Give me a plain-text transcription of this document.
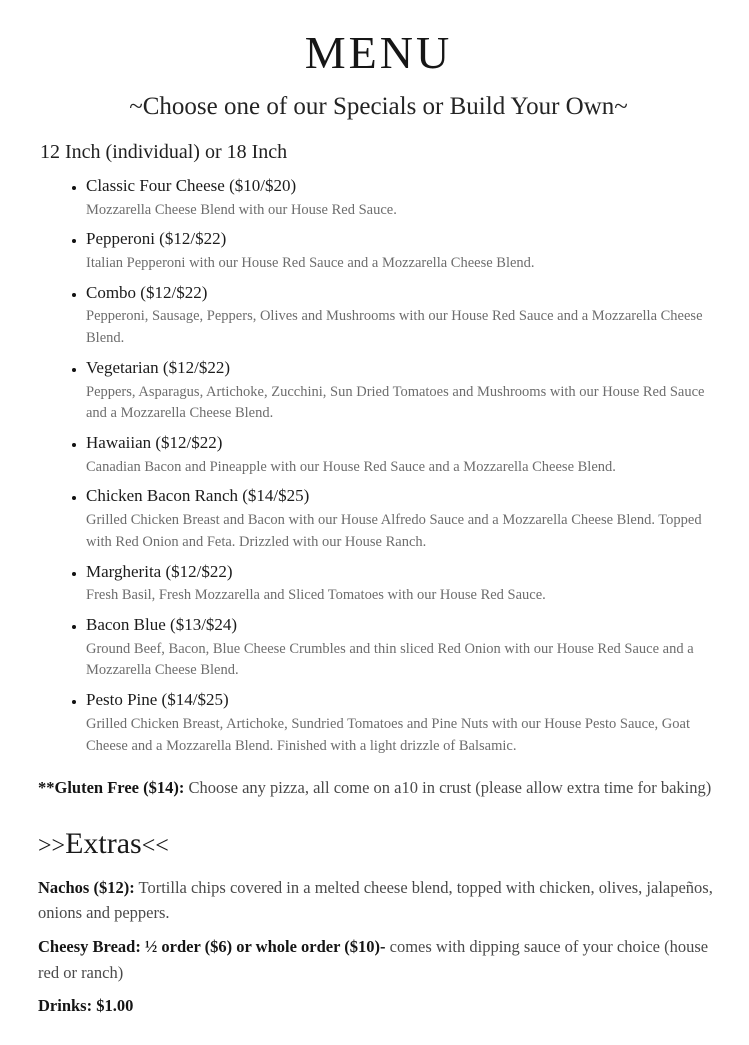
MENU
~Choose one of our Specials or Build Your Own~
12 Inch (individual) or 18 Inch
• Classic Four Cheese ($10/$20)
Mozzarella Cheese Blend with our House Red Sauce.
• Pepperoni ($12/$22)
Italian Pepperoni with our House Red Sauce and a Mozzarella Cheese Blend.
• Combo ($12/$22)
Pepperoni, Sausage, Peppers, Olives and Mushrooms with our House Red Sauce and a Mozzarella Cheese Blend.
• Vegetarian ($12/$22)
Peppers, Asparagus, Artichoke, Zucchini, Sun Dried Tomatoes and Mushrooms with our House Red Sauce and a Mozzarella Cheese Blend.
• Hawaiian ($12/$22)
Canadian Bacon and Pineapple with our House Red Sauce and a Mozzarella Cheese Blend.
• Chicken Bacon Ranch ($14/$25)
Grilled Chicken Breast and Bacon with our House Alfredo Sauce and a Mozzarella Cheese Blend. Topped with Red Onion and Feta. Drizzled with our House Ranch.
• Margherita ($12/$22)
Fresh Basil, Fresh Mozzarella and Sliced Tomatoes with our House Red Sauce.
• Bacon Blue ($13/$24)
Ground Beef, Bacon, Blue Cheese Crumbles and thin sliced Red Onion with our House Red Sauce and a Mozzarella Cheese Blend.
• Pesto Pine ($14/$25)
Grilled Chicken Breast, Artichoke, Sundried Tomatoes and Pine Nuts with our House Pesto Sauce, Goat Cheese and a Mozzarella Blend. Finished with a light drizzle of Balsamic.

**Gluten Free ($14): Choose any pizza, all come on a10 in crust (please allow extra time for baking)

>>Extras<<

Nachos ($12): Tortilla chips covered in a melted cheese blend, topped with chicken, olives, jalapeños, onions and peppers.

Cheesy Bread: ½ order ($6) or whole order ($10)- comes with dipping sauce of your choice (house red or ranch)

Drinks: $1.00
